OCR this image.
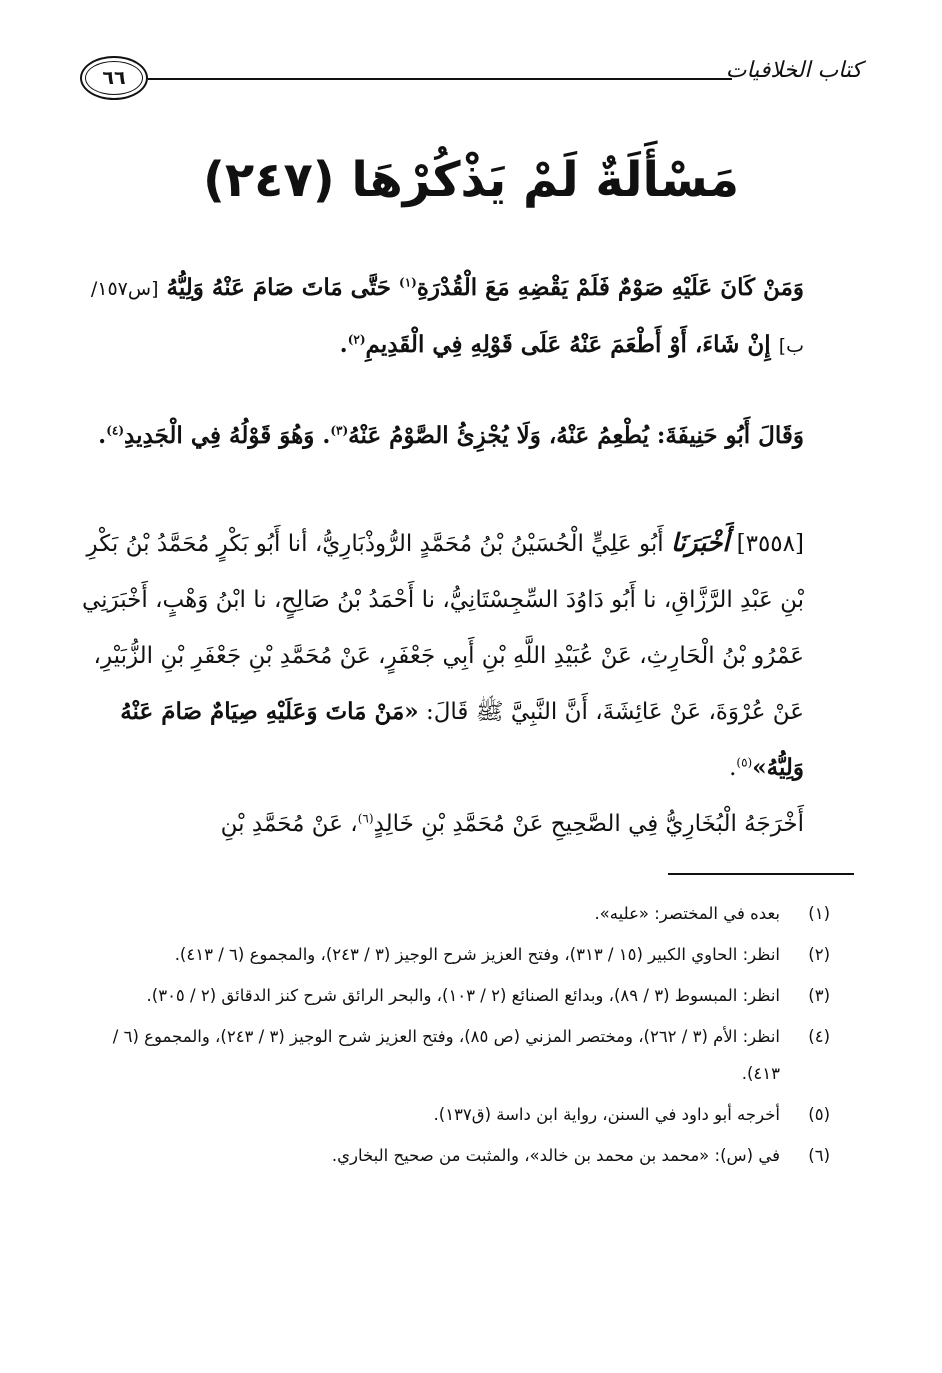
كتاب الخلافيات
٦٦
مَسْأَلَةٌ لَمْ يَذْكُرْهَا (٢٤٧)

وَمَنْ كَانَ عَلَيْهِ صَوْمٌ فَلَمْ يَقْضِهِ مَعَ الْقُدْرَةِ$^{(١)}$ حَتَّى مَاتَ صَامَ عَنْهُ وَلِيُّهُ [س١٥٧/ ب] إِنْ شَاءَ، أَوْ أَطْعَمَ عَنْهُ عَلَى قَوْلِهِ فِي الْقَدِيمِ$^{(٢)}$.

وَقَالَ أَبُو حَنِيفَةَ: يُطْعِمُ عَنْهُ، وَلَا يُجْزِئُ الصَّوْمُ عَنْهُ$^{(٣)}$. وَهُوَ قَوْلُهُ فِي الْجَدِيدِ$^{(٤)}$.

[٣٥٥٨] أَخْبَرَنَا أَبُو عَلِيٍّ الْحُسَيْنُ بْنُ مُحَمَّدٍ الرُّوذْبَارِيُّ، أنا أَبُو بَكْرٍ مُحَمَّدُ بْنُ بَكْرِ بْنِ عَبْدِ الرَّزَّاقِ، نا أَبُو دَاوُدَ السِّجِسْتَانِيُّ، نا أَحْمَدُ بْنُ صَالِحٍ، نا ابْنُ وَهْبٍ، أَخْبَرَنِي عَمْرُو بْنُ الْحَارِثِ، عَنْ عُبَيْدِ اللَّهِ بْنِ أَبِي جَعْفَرٍ، عَنْ مُحَمَّدِ بْنِ جَعْفَرِ بْنِ الزُّبَيْرِ، عَنْ عُرْوَةَ، عَنْ عَائِشَةَ، أَنَّ النَّبِيَّ ﷺ قَالَ: «مَنْ مَاتَ وَعَلَيْهِ صِيَامٌ صَامَ عَنْهُ وَلِيُّهُ»$^{(٥)}$.
أَخْرَجَهُ الْبُخَارِيُّ فِي الصَّحِيحِ عَنْ مُحَمَّدِ بْنِ خَالِدٍ$^{(٦)}$، عَنْ مُحَمَّدِ بْنِ
(١)
بعده في المختصر: «عليه».
(٢)
انظر: الحاوي الكبير (١٥ / ٣١٣)، وفتح العزيز شرح الوجيز (٣ / ٢٤٣)، والمجموع (٦ / ٤١٣).
(٣)
انظر: المبسوط (٣ / ٨٩)، وبدائع الصنائع (٢ / ١٠٣)، والبحر الرائق شرح كنز الدقائق (٢ / ٣٠٥).
(٤)
انظر: الأم (٣ / ٢٦٢)، ومختصر المزني (ص ٨٥)، وفتح العزيز شرح الوجيز (٣ / ٢٤٣)، والمجموع (٦ / ٤١٣).
(٥)
أخرجه أبو داود في السنن، رواية ابن داسة (ق١٣٧).
(٦)
في (س): «محمد بن محمد بن خالد»، والمثبت من صحيح البخاري.
